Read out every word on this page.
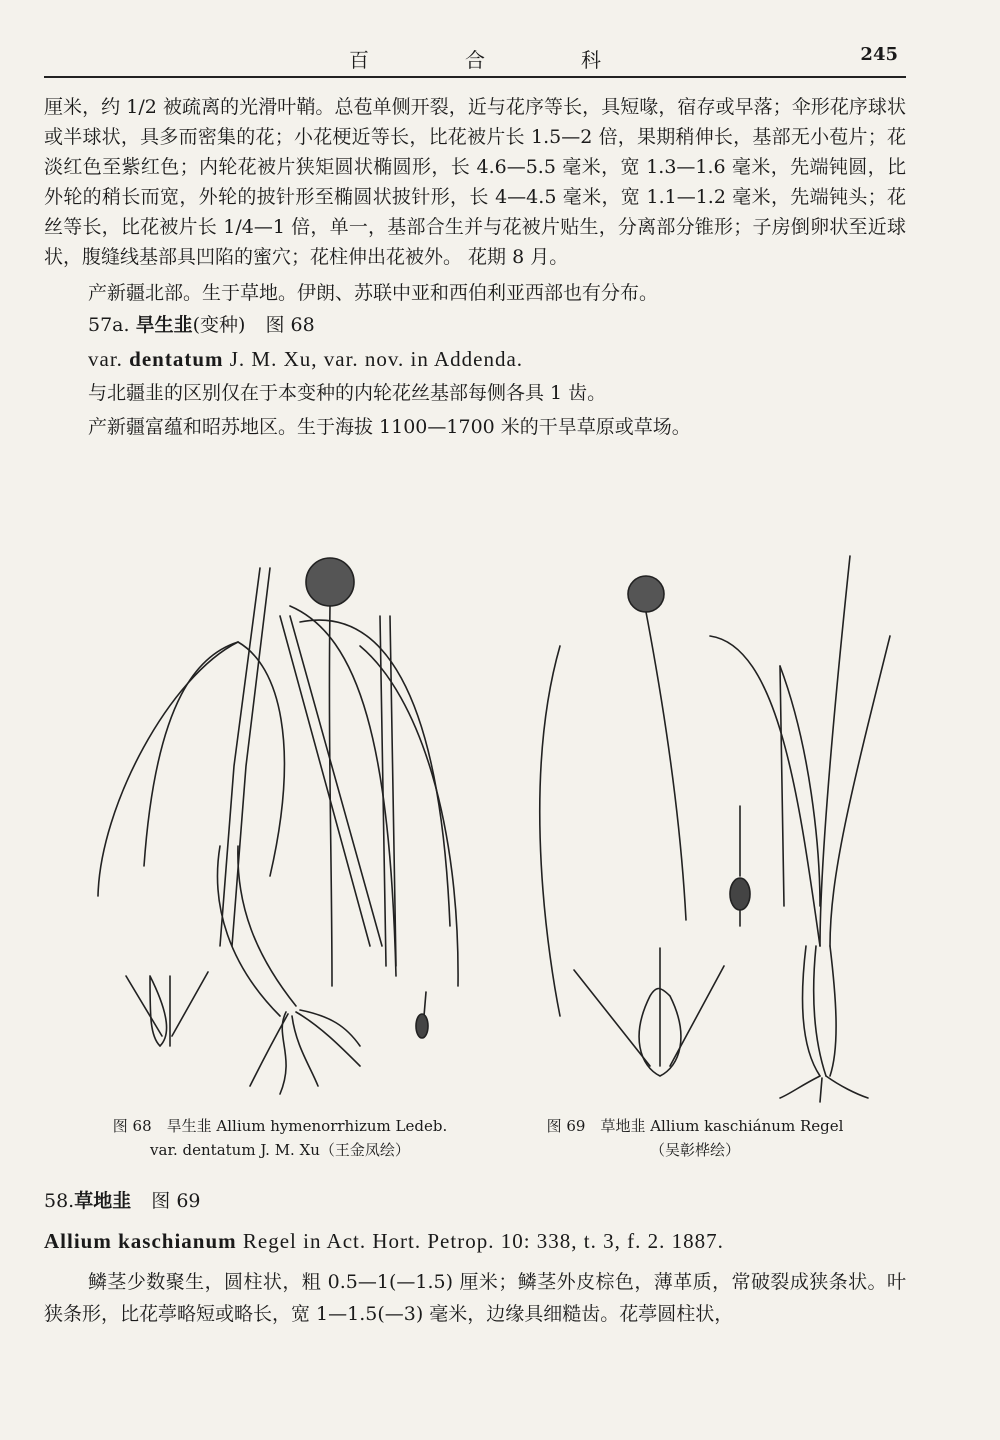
百	合	科	245

厘米，约 1/2 被疏离的光滑叶鞘。总苞单侧开裂，近与花序等长，具短喙，宿存或早落；伞形花序球状或半球状，具多而密集的花；小花梗近等长，比花被片长 1.5—2 倍，果期稍伸长，基部无小苞片；花淡红色至紫红色；内轮花被片狭矩圆状椭圆形，长 4.6—5.5 毫米，宽 1.3—1.6 毫米，先端钝圆，比外轮的稍长而宽，外轮的披针形至椭圆状披针形，长 4—4.5 毫米，宽 1.1—1.2 毫米，先端钝头；花丝等长，比花被片长 1/4—1 倍，单一，基部合生并与花被片贴生，分离部分锥形；子房倒卵状至近球状，腹缝线基部具凹陷的蜜穴；花柱伸出花被外。 花期 8 月。

产新疆北部。生于草地。伊朗、苏联中亚和西伯利亚西部也有分布。

57a. 旱生韭(变种) 图 68

var. dentatum J. M. Xu, var. nov. in Addenda.

与北疆韭的区别仅在于本变种的内轮花丝基部每侧各具 1 齿。

产新疆富蕴和昭苏地区。生于海拔 1100—1700 米的干旱草原或草场。

图 68　旱生韭 Allium hymenorrhizum Ledeb.
var. dentatum J. M. Xu（王金凤绘）
图 69　草地韭 Allium kaschiánum Regel
（吴彰桦绘）

58.草地韭 图 69

Allium kaschianum Regel in Act. Hort. Petrop. 10: 338, t. 3, f. 2. 1887.

鳞茎少数聚生，圆柱状，粗 0.5—1(—1.5) 厘米；鳞茎外皮棕色，薄革质，常破裂成狭条状。叶狭条形，比花葶略短或略长，宽 1—1.5(—3) 毫米，边缘具细糙齿。花葶圆柱状，
